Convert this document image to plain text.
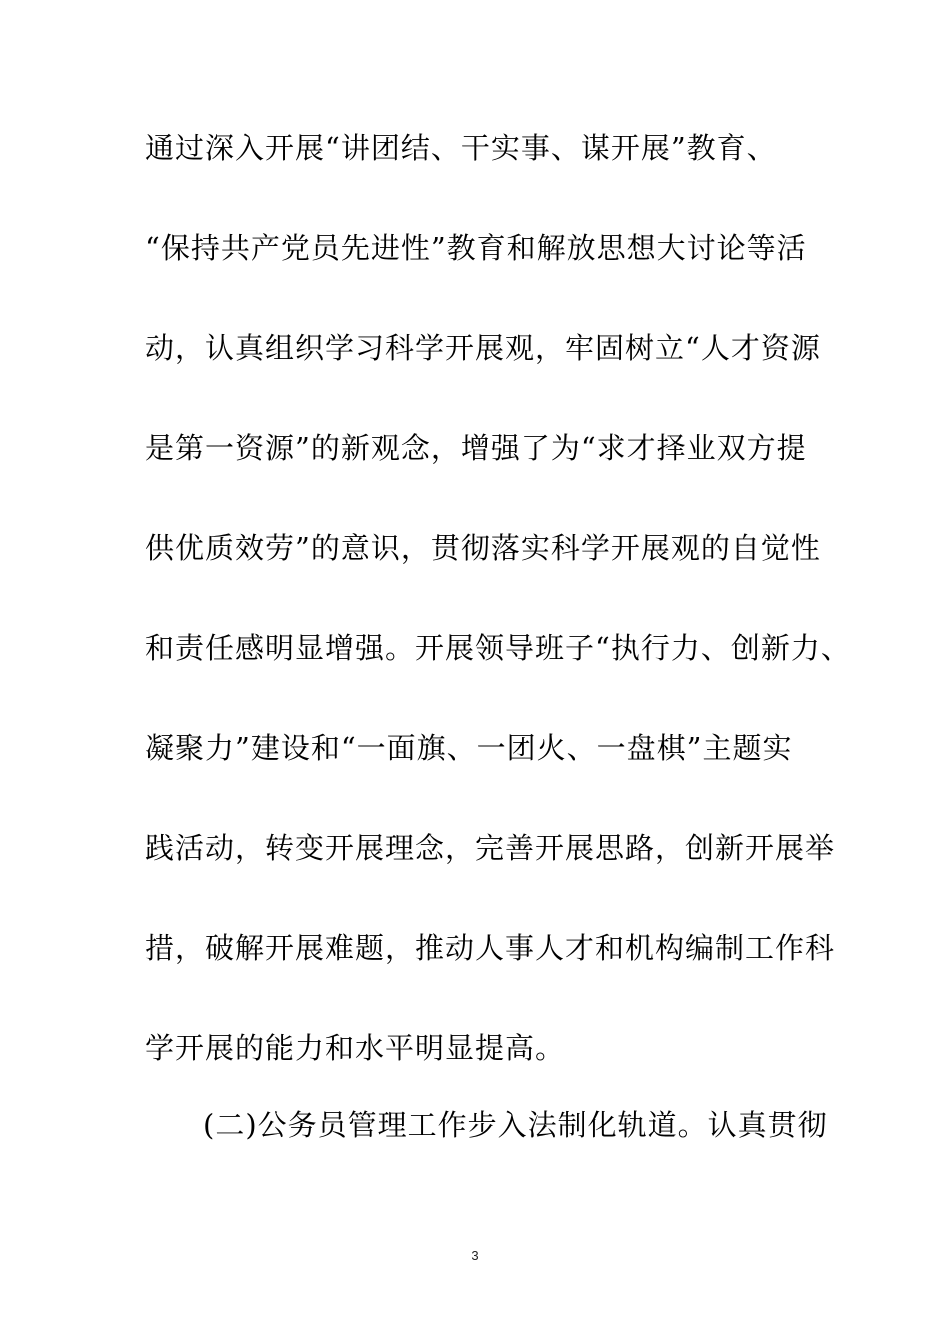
通过深入开展“讲团结、干实事、谋开展”教育、
“保持共产党员先进性”教育和解放思想大讨论等活
动，认真组织学习科学开展观，牢固树立“人才资源
是第一资源”的新观念，增强了为“求才择业双方提
供优质效劳”的意识，贯彻落实科学开展观的自觉性
和责任感明显增强。开展领导班子“执行力、创新力、
凝聚力”建设和“一面旗、一团火、一盘棋”主题实
践活动，转变开展理念，完善开展思路，创新开展举
措，破解开展难题，推动人事人才和机构编制工作科
学开展的能力和水平明显提高。
(二)公务员管理工作步入法制化轨道。认真贯彻
3
